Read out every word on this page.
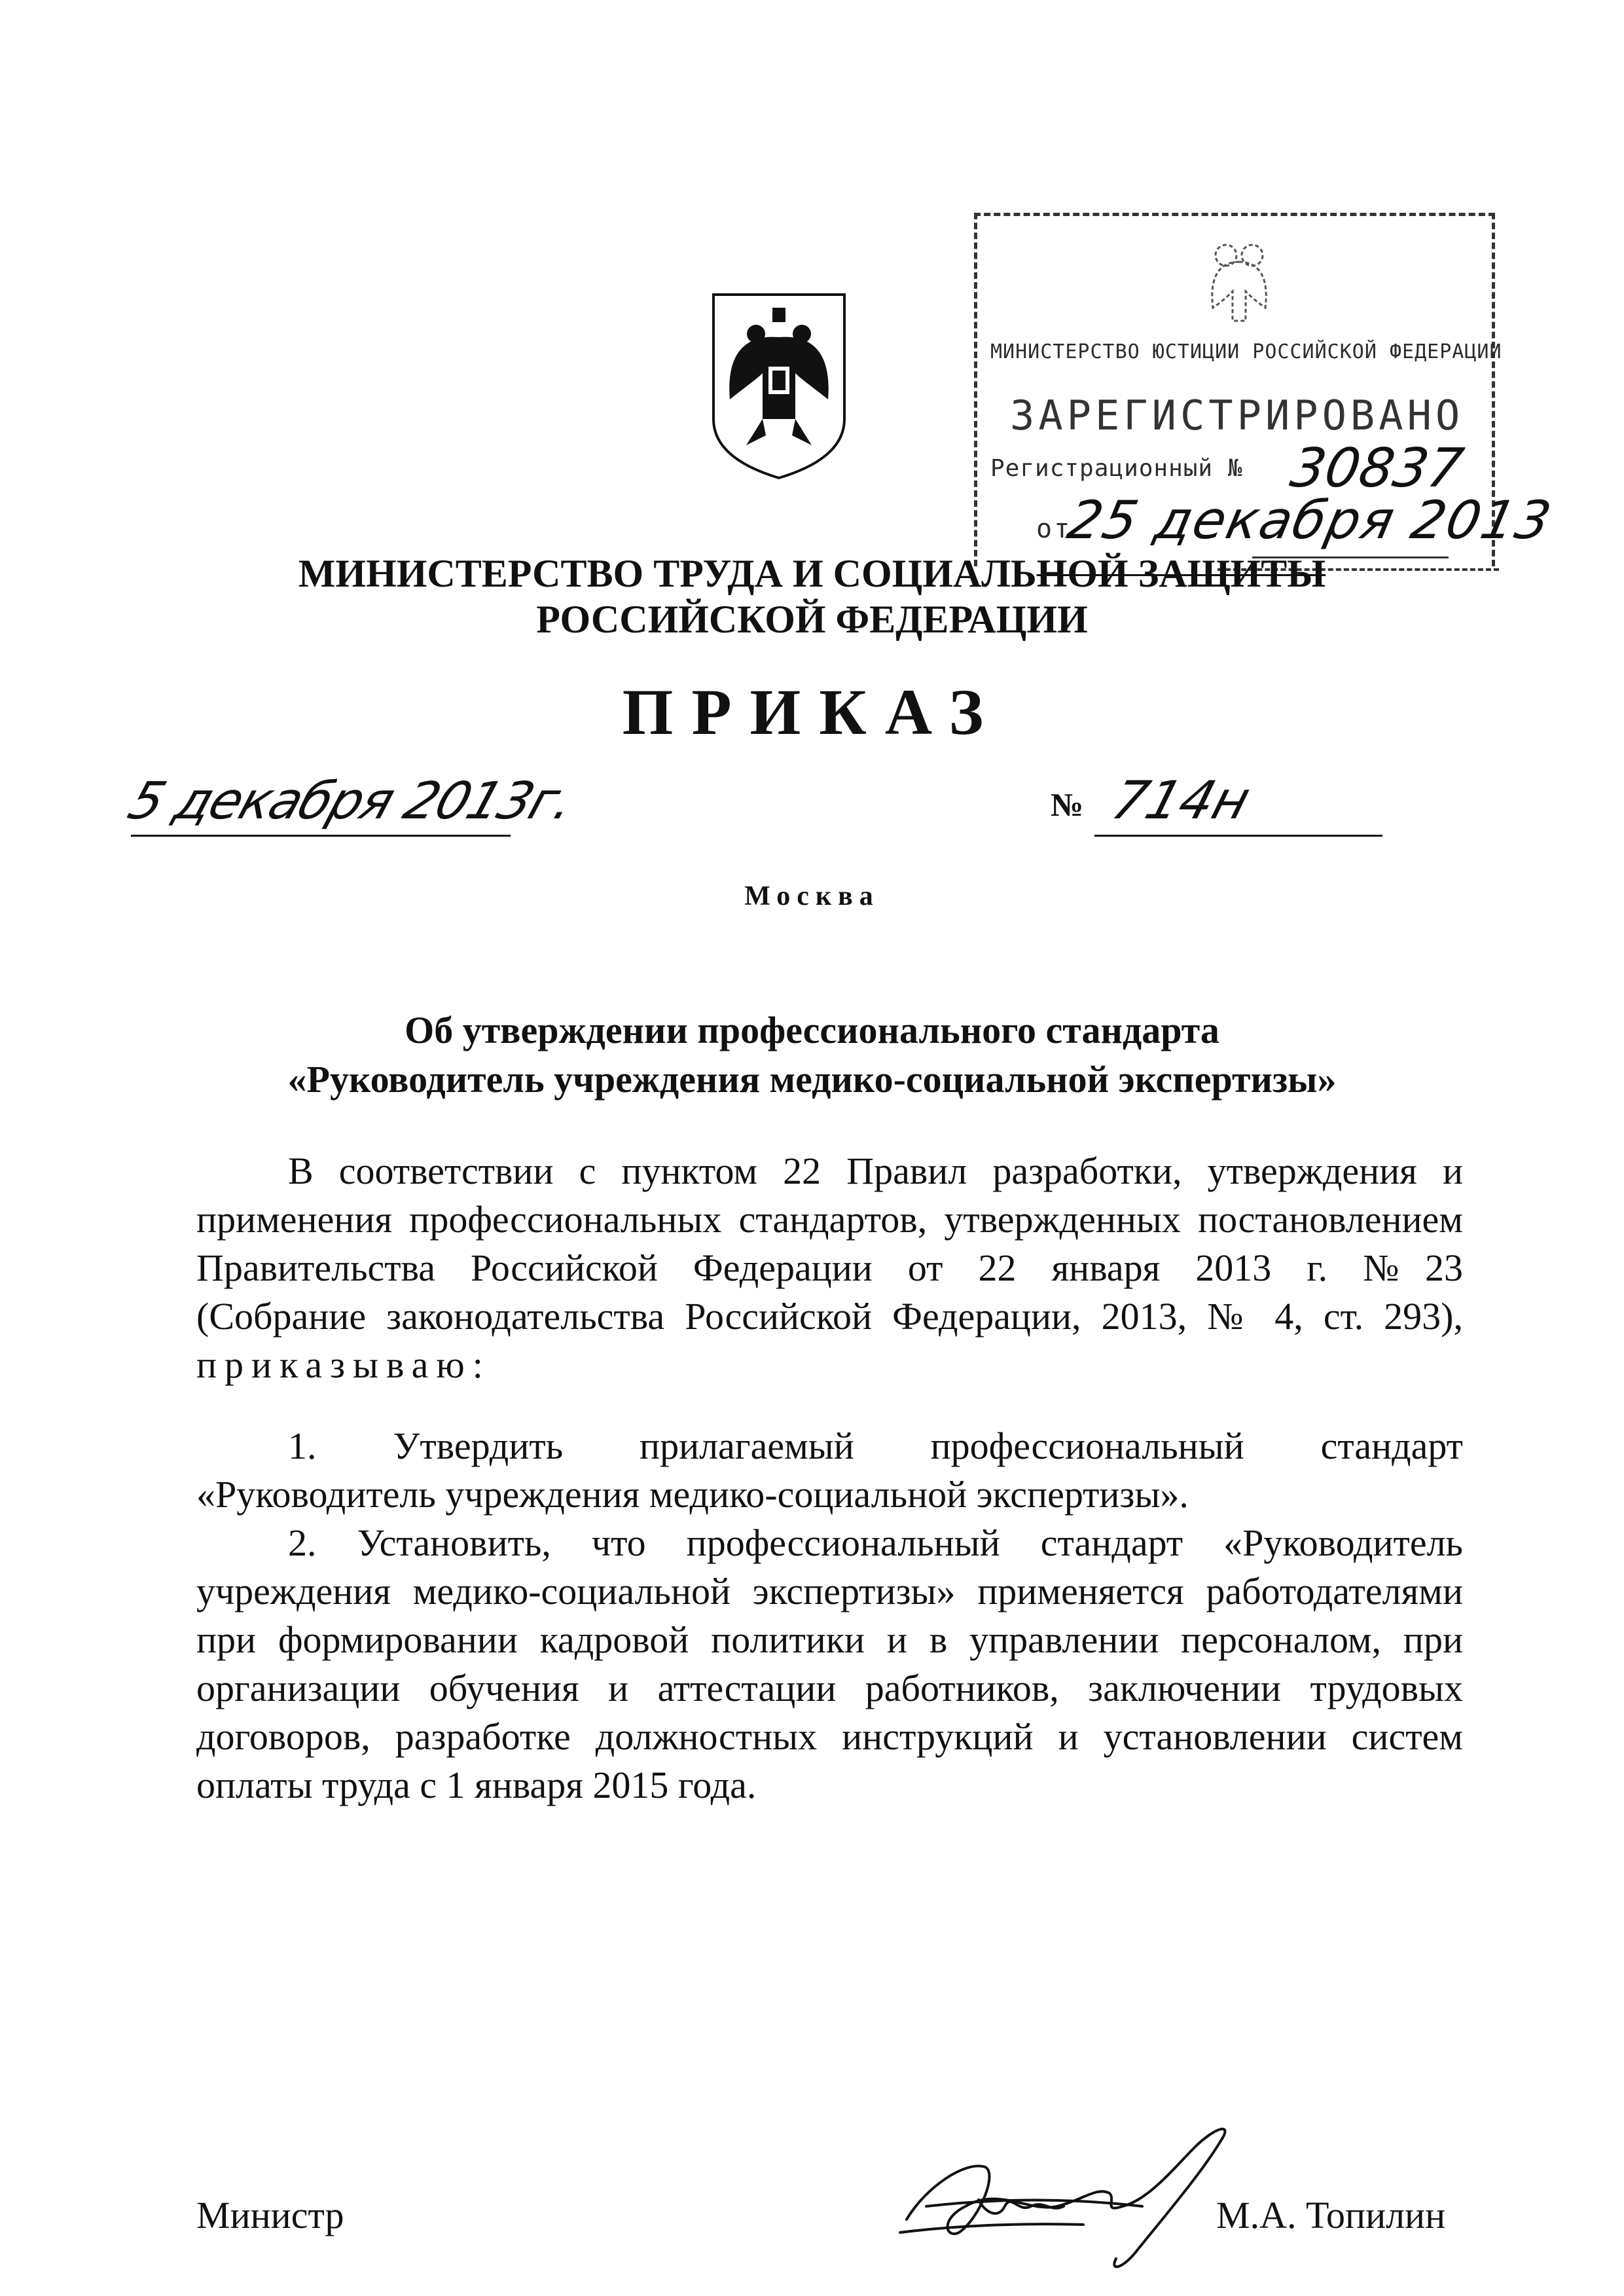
МИНИСТЕРСТВО ЮСТИЦИИ РОССИЙСКОЙ ФЕДЕРАЦИИ
ЗАРЕГИСТРИРОВАНО
Регистрационный № 30837
от
25 декабря 2013
МИНИСТЕРСТВО ТРУДА И СОЦИАЛЬНОЙ ЗАЩИТЫ
РОССИЙСКОЙ ФЕДЕРАЦИИ
ПРИКАЗ
5 декабря 2013г.	№ 714н
Москва
Об утверждении профессионального стандарта
«Руководитель учреждения медико-социальной экспертизы»
В соответствии с пунктом 22 Правил разработки, утверждения и
применения профессиональных стандартов, утвержденных постановлением
Правительства Российской Федерации от 22 января 2013 г. №23
(Собрание законодательства Российской Федерации, 2013, № 4, ст. 293),
приказываю:
1. Утвердить прилагаемый профессиональный стандарт
«Руководитель учреждения медико-социальной экспертизы».
2. Установить, что профессиональный стандарт «Руководитель
учреждения медико-социальной экспертизы» применяется работодателями
при формировании кадровой политики и в управлении персоналом, при
организации обучения и аттестации работников, заключении трудовых
договоров, разработке должностных инструкций и установлении систем
оплаты труда с 1 января 2015 года.
Министр	М.А. Топилин
